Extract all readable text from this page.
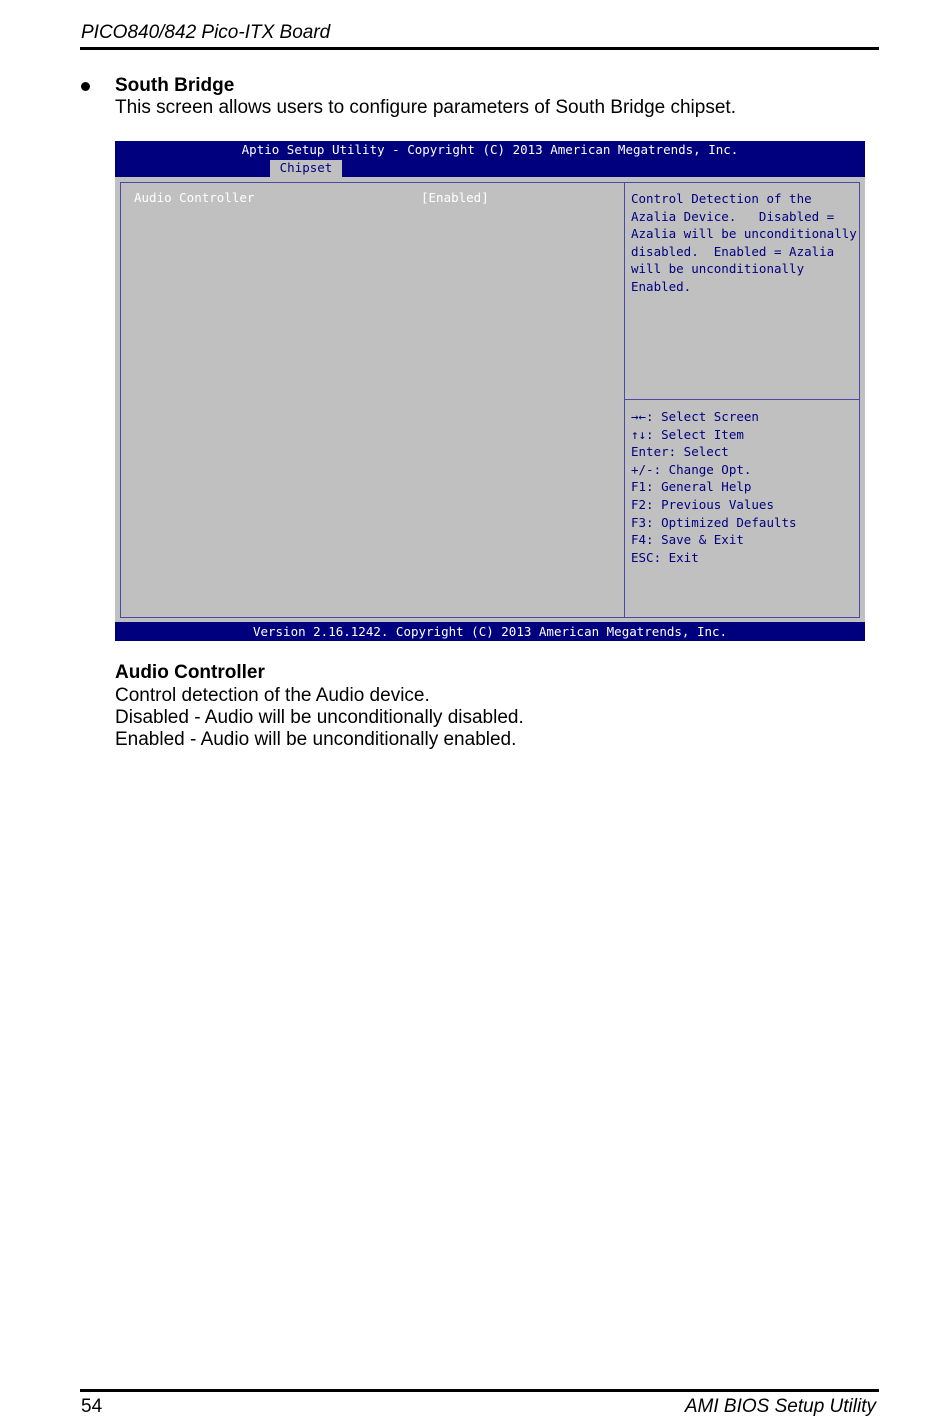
PICO840/842 Pico-ITX Board
South Bridge
This screen allows users to configure parameters of South Bridge chipset.
Aptio Setup Utility - Copyright (C) 2013 American Megatrends, Inc.
Chipset
Audio Controller	[Enabled]	Control Detection of the
Azalia Device.   Disabled =
Azalia will be unconditionally
disabled.  Enabled = Azalia
will be unconditionally
Enabled.
→←: Select Screen
↑↓: Select Item
Enter: Select
+/-: Change Opt.
F1: General Help
F2: Previous Values
F3: Optimized Defaults
F4: Save & Exit
ESC: Exit
Version 2.16.1242. Copyright (C) 2013 American Megatrends, Inc.
Audio Controller
Control detection of the Audio device.
Disabled - Audio will be unconditionally disabled.
Enabled - Audio will be unconditionally enabled.
54	AMI BIOS Setup Utility
